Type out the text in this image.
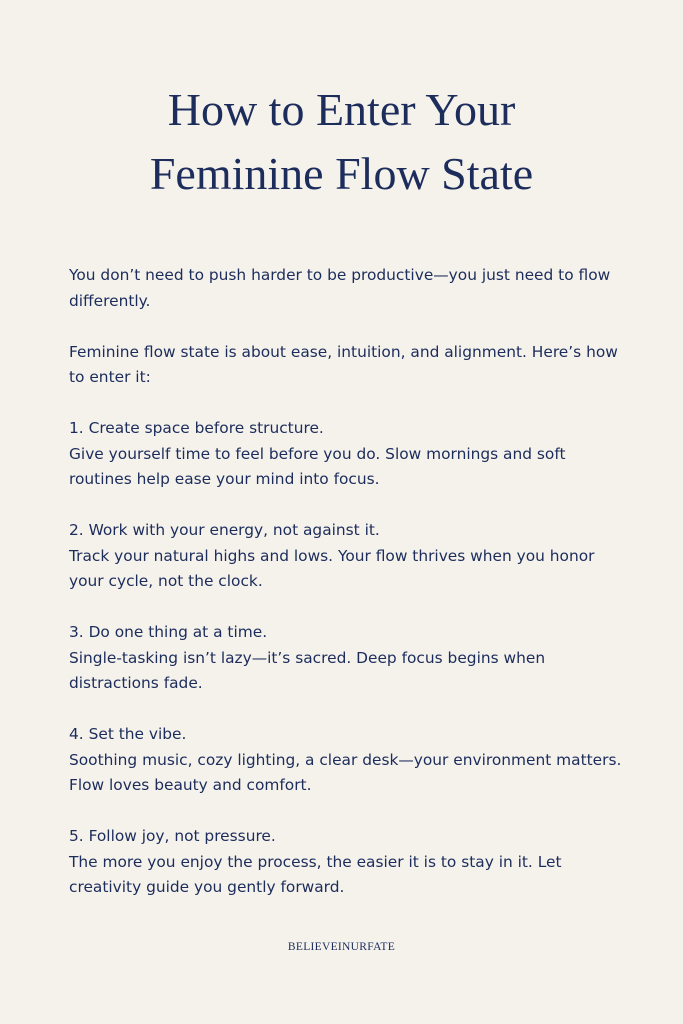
How to Enter Your
Feminine Flow State

You don’t need to push harder to be productive—you just need to flow differently.

Feminine flow state is about ease, intuition, and alignment. Here’s how to enter it:

1. Create space before structure.
Give yourself time to feel before you do. Slow mornings and soft routines help ease your mind into focus.
2. Work with your energy, not against it.
Track your natural highs and lows. Your flow thrives when you honor your cycle, not the clock.
3. Do one thing at a time.
Single-tasking isn’t lazy—it’s sacred. Deep focus begins when distractions fade.
4. Set the vibe.
Soothing music, cozy lighting, a clear desk—your environment matters. Flow loves beauty and comfort.
5. Follow joy, not pressure.
The more you enjoy the process, the easier it is to stay in it. Let creativity guide you gently forward.
BELIEVEINURFATE
